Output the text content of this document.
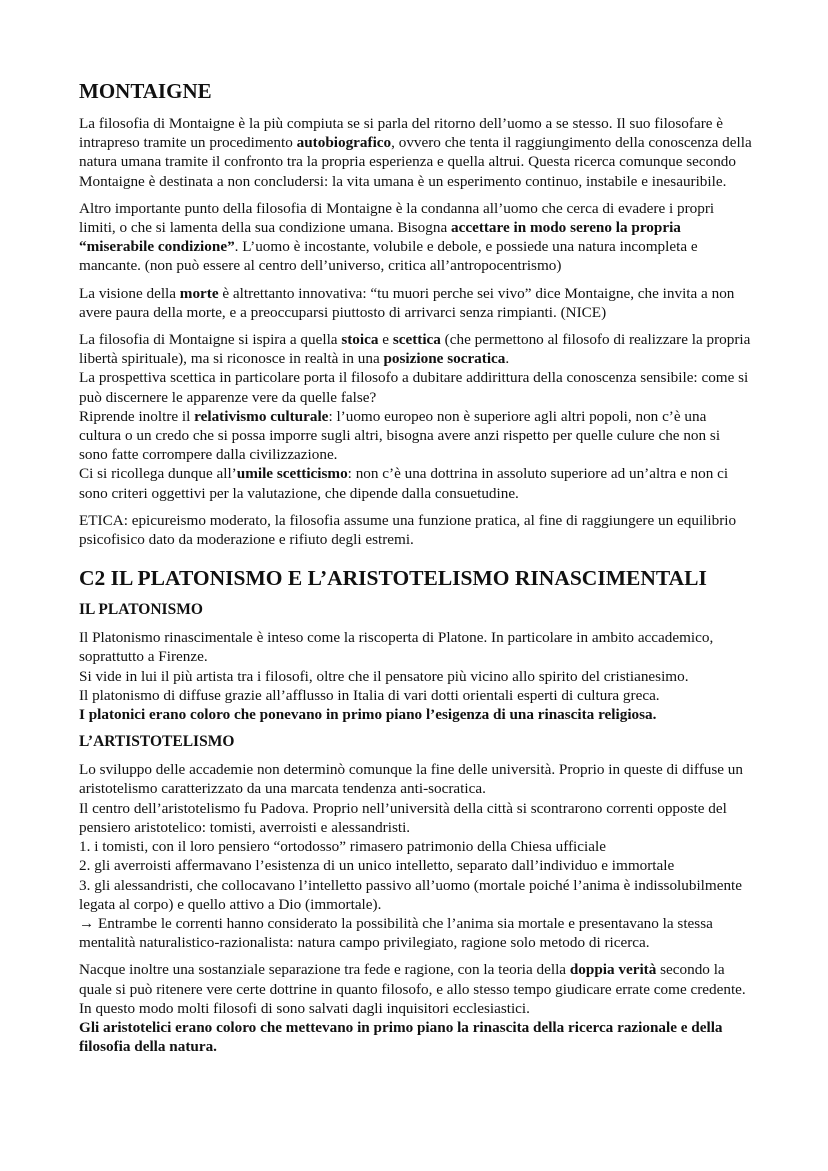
MONTAIGNE

La filosofia di Montaigne è la più compiuta se si parla del ritorno dell’uomo a se stesso. Il suo filosofare è intrapreso tramite un procedimento autobiografico, ovvero che tenta il raggiungimento della conoscenza della natura umana tramite il confronto tra la propria esperienza e quella altrui. Questa ricerca comunque secondo Montaigne è destinata a non concludersi: la vita umana è un esperimento continuo, instabile e inesauribile.

Altro importante punto della filosofia di Montaigne è la condanna all’uomo che cerca di evadere i propri limiti, o che si lamenta della sua condizione umana. Bisogna accettare in modo sereno la propria “miserabile condizione”. L’uomo è incostante, volubile e debole, e possiede una natura incompleta e mancante. (non può essere al centro dell’universo, critica all’antropocentrismo)

La visione della morte è altrettanto innovativa: “tu muori perche sei vivo” dice Montaigne, che invita a non avere paura della morte, e a preoccuparsi piuttosto di arrivarci senza rimpianti. (NICE)

La filosofia di Montaigne si ispira a quella stoica e scettica (che permettono al filosofo di realizzare la propria libertà spirituale), ma si riconosce in realtà in una posizione socratica.
La prospettiva scettica in particolare porta il filosofo a dubitare addirittura della conoscenza sensibile: come si può discernere le apparenze vere da quelle false?
Riprende inoltre il relativismo culturale: l’uomo europeo non è superiore agli altri popoli, non c’è una cultura o un credo che si possa imporre sugli altri, bisogna avere anzi rispetto per quelle culure che non si sono fatte corrompere dalla civilizzazione.
Ci si ricollega dunque all’umile scetticismo: non c’è una dottrina in assoluto superiore ad un’altra e non ci sono criteri oggettivi per la valutazione, che dipende dalla consuetudine.

ETICA: epicureismo moderato, la filosofia assume una funzione pratica, al fine di raggiungere un equilibrio psicofisico dato da moderazione e rifiuto degli estremi.

C2 IL PLATONISMO E L’ARISTOTELISMO RINASCIMENTALI
IL PLATONISMO

Il Platonismo rinascimentale è inteso come la riscoperta di Platone. In particolare in ambito accademico, soprattutto a Firenze.
Si vide in lui il più artista tra i filosofi, oltre che il pensatore più vicino allo spirito del cristianesimo.
Il platonismo di diffuse grazie all’afflusso in Italia di vari dotti orientali esperti di cultura greca.
I platonici erano coloro che ponevano in primo piano l’esigenza di una rinascita religiosa.

L’ARTISTOTELISMO

Lo sviluppo delle accademie non determinò comunque la fine delle università. Proprio in queste di diffuse un aristotelismo caratterizzato da una marcata tendenza anti-socratica.
Il centro dell’aristotelismo fu Padova. Proprio nell’università della città si scontrarono correnti opposte del pensiero aristotelico: tomisti, averroisti e alessandristi.
1. i tomisti, con il loro pensiero “ortodosso” rimasero patrimonio della Chiesa ufficiale
2. gli averroisti affermavano l’esistenza di un unico intelletto, separato dall’individuo e immortale
3. gli alessandristi, che collocavano l’intelletto passivo all’uomo (mortale poiché l’anima è indissolubilmente legata al corpo) e quello attivo a Dio (immortale).
→ Entrambe le correnti hanno considerato la possibilità che l’anima sia mortale e presentavano la stessa mentalità naturalistico-razionalista: natura campo privilegiato, ragione solo metodo di ricerca.

Nacque inoltre una sostanziale separazione tra fede e ragione, con la teoria della doppia verità secondo la quale si può ritenere vere certe dottrine in quanto filosofo, e allo stesso tempo giudicare errate come credente. In questo modo molti filosofi di sono salvati dagli inquisitori ecclesiastici.
Gli aristotelici erano coloro che mettevano in primo piano la rinascita della ricerca razionale e della filosofia della natura.
